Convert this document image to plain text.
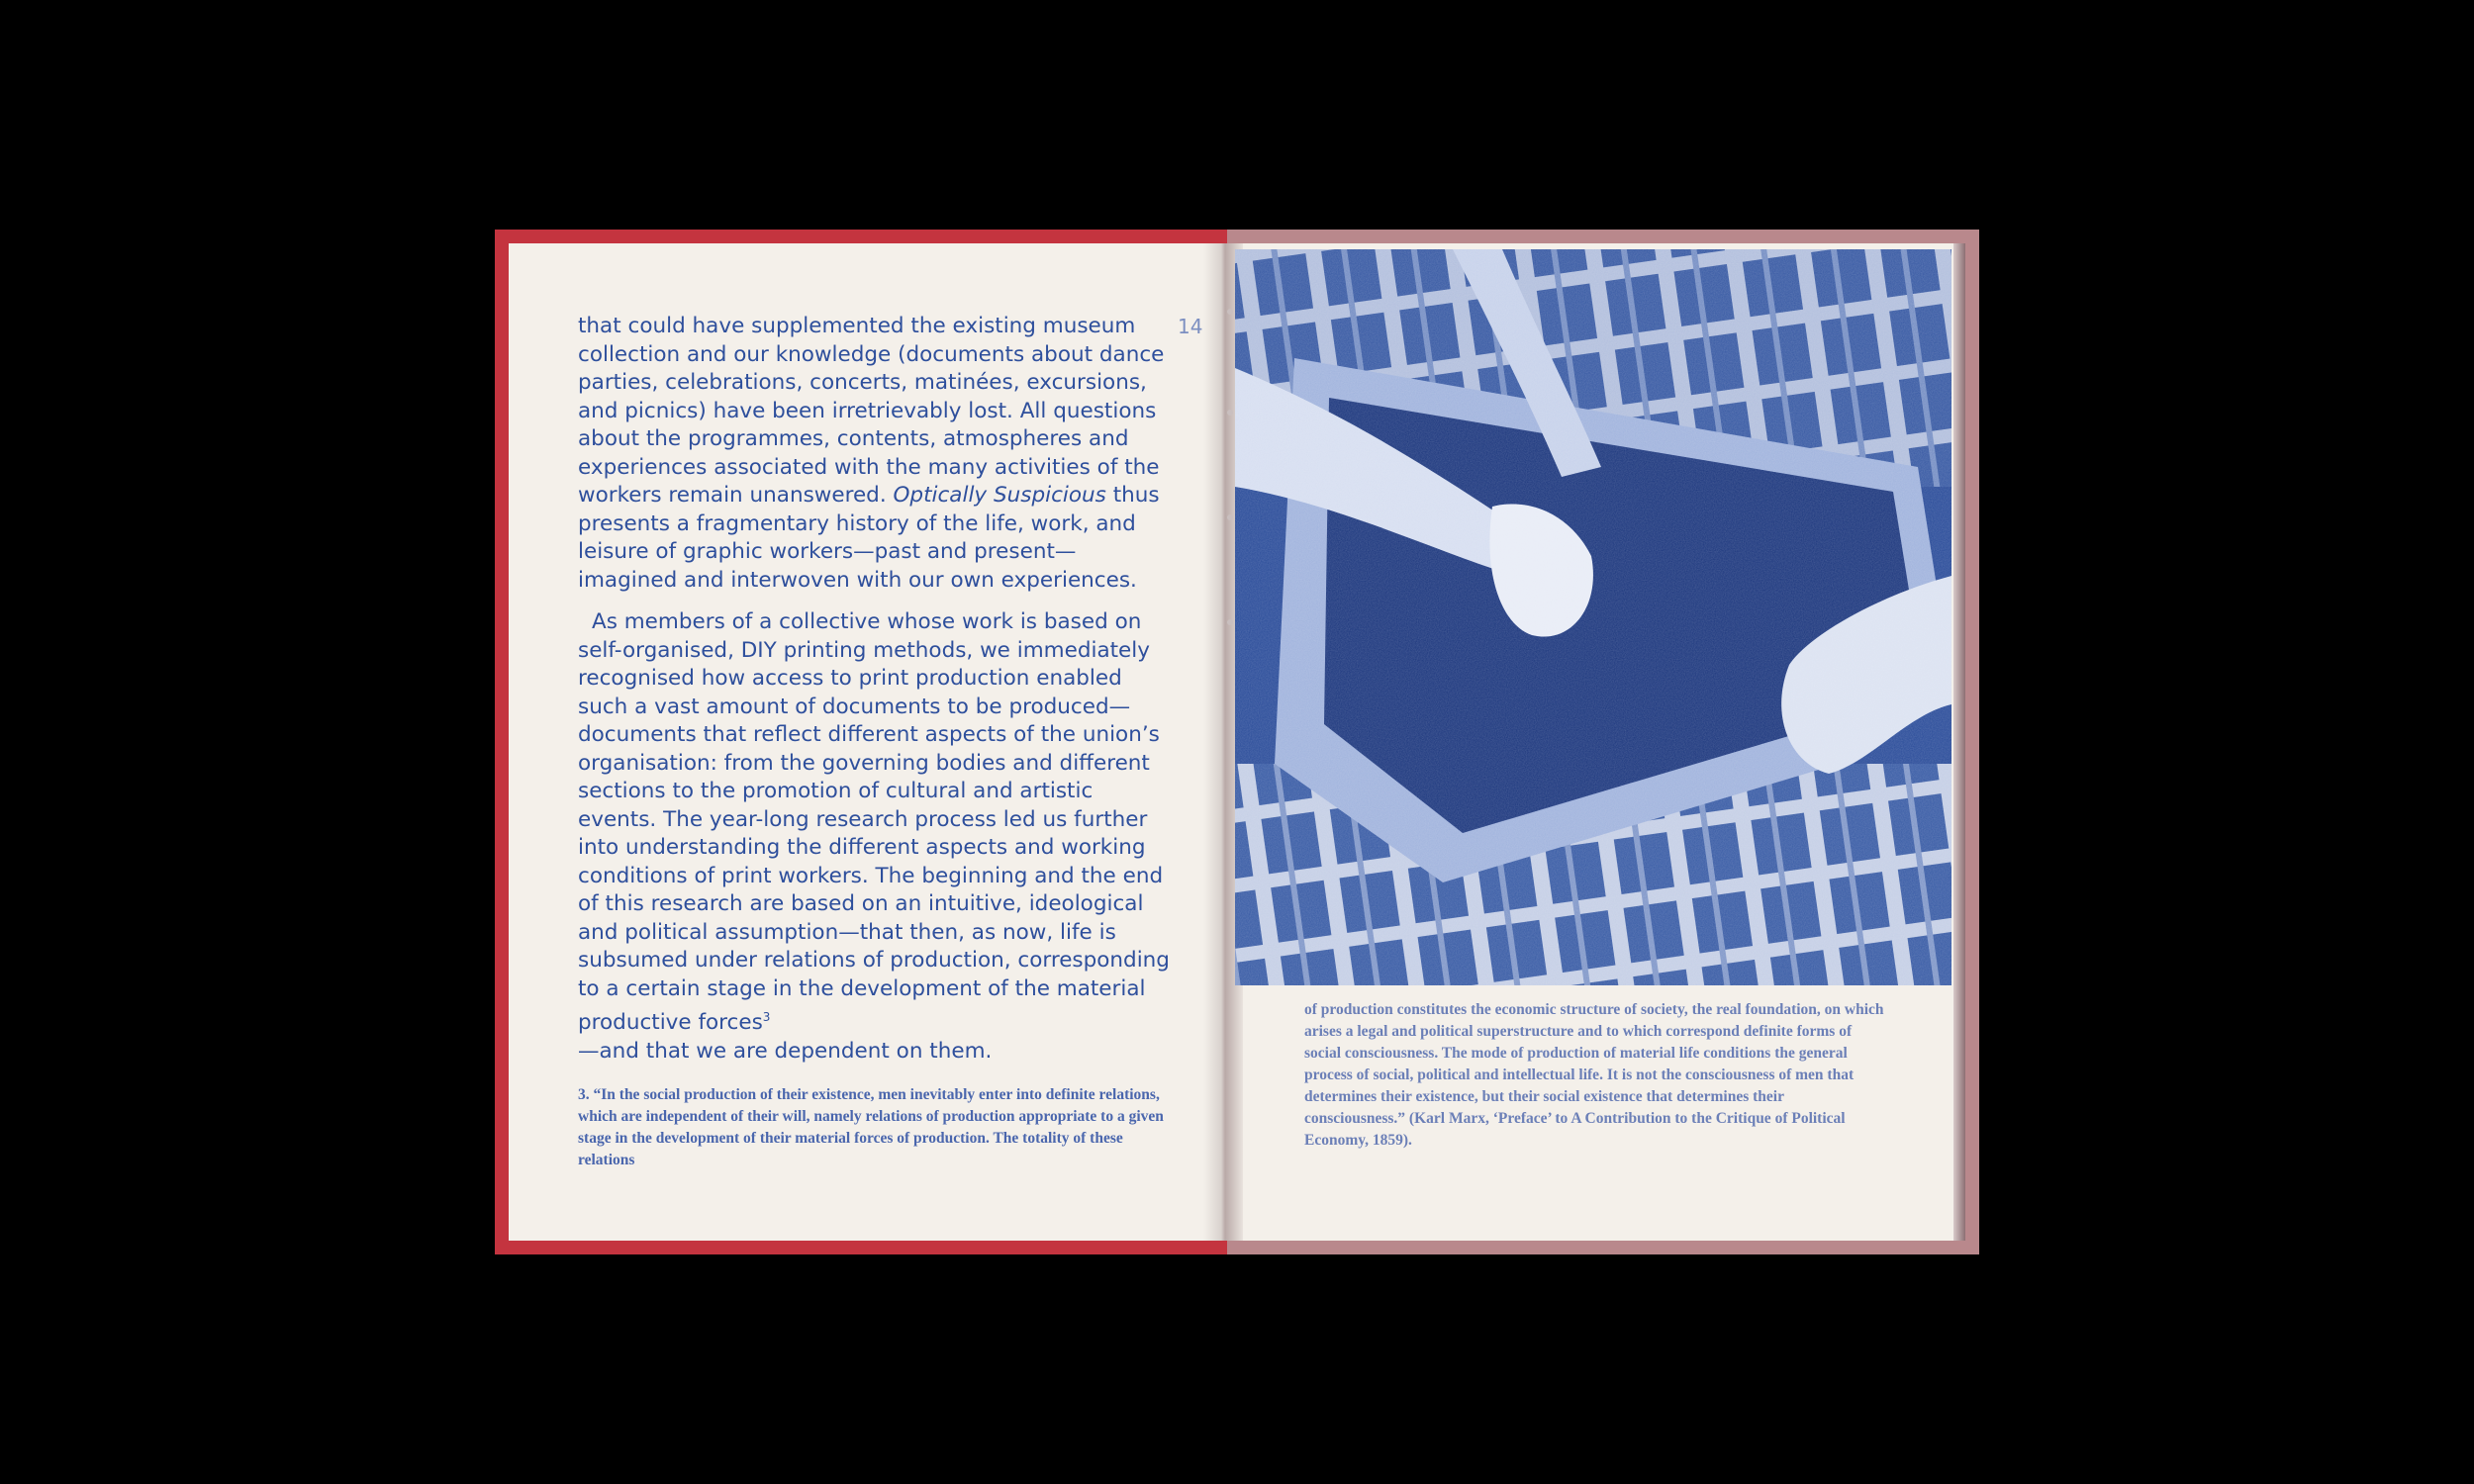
14

that could have supplemented the existing museum collection and our knowledge (documents about dance parties, celebrations, concerts, matinées, excursions, and picnics) have been irretrievably lost. All questions about the programmes, contents, atmospheres and experiences associated with the many activities of the workers remain unanswered. Optically Suspicious thus presents a fragmentary history of the life, work, and leisure of graphic workers—past and present—imagined and interwoven with our own experiences.

As members of a collective whose work is based on self-organised, DIY printing methods, we immediately recognised how access to print production enabled such a vast amount of documents to be produced—documents that reflect different aspects of the union’s organisation: from the governing bodies and different sections to the promotion of cultural and artistic events. The year-long research process led us further into understanding the different aspects and working conditions of print workers. The beginning and the end of this research are based on an intuitive, ideological and political assumption—that then, as now, life is subsumed under relations of production, corresponding to a certain stage in the development of the material productive forces$^3$
—and that we are dependent on them.

3. “In the social production of their existence, men inevitably enter into definite relations, which are independent of their will, namely relations of production appropriate to a given stage in the development of their material forces of production. The totality of these relations
of production constitutes the economic structure of society, the real foundation, on which arises a legal and political superstructure and to which correspond definite forms of social consciousness. The mode of production of material life conditions the general process of social, political and intellectual life. It is not the consciousness of men that determines their existence, but their social existence that determines their consciousness.” (Karl Marx, ‘Preface’ to A Contribution to the Critique of Political Economy, 1859).
